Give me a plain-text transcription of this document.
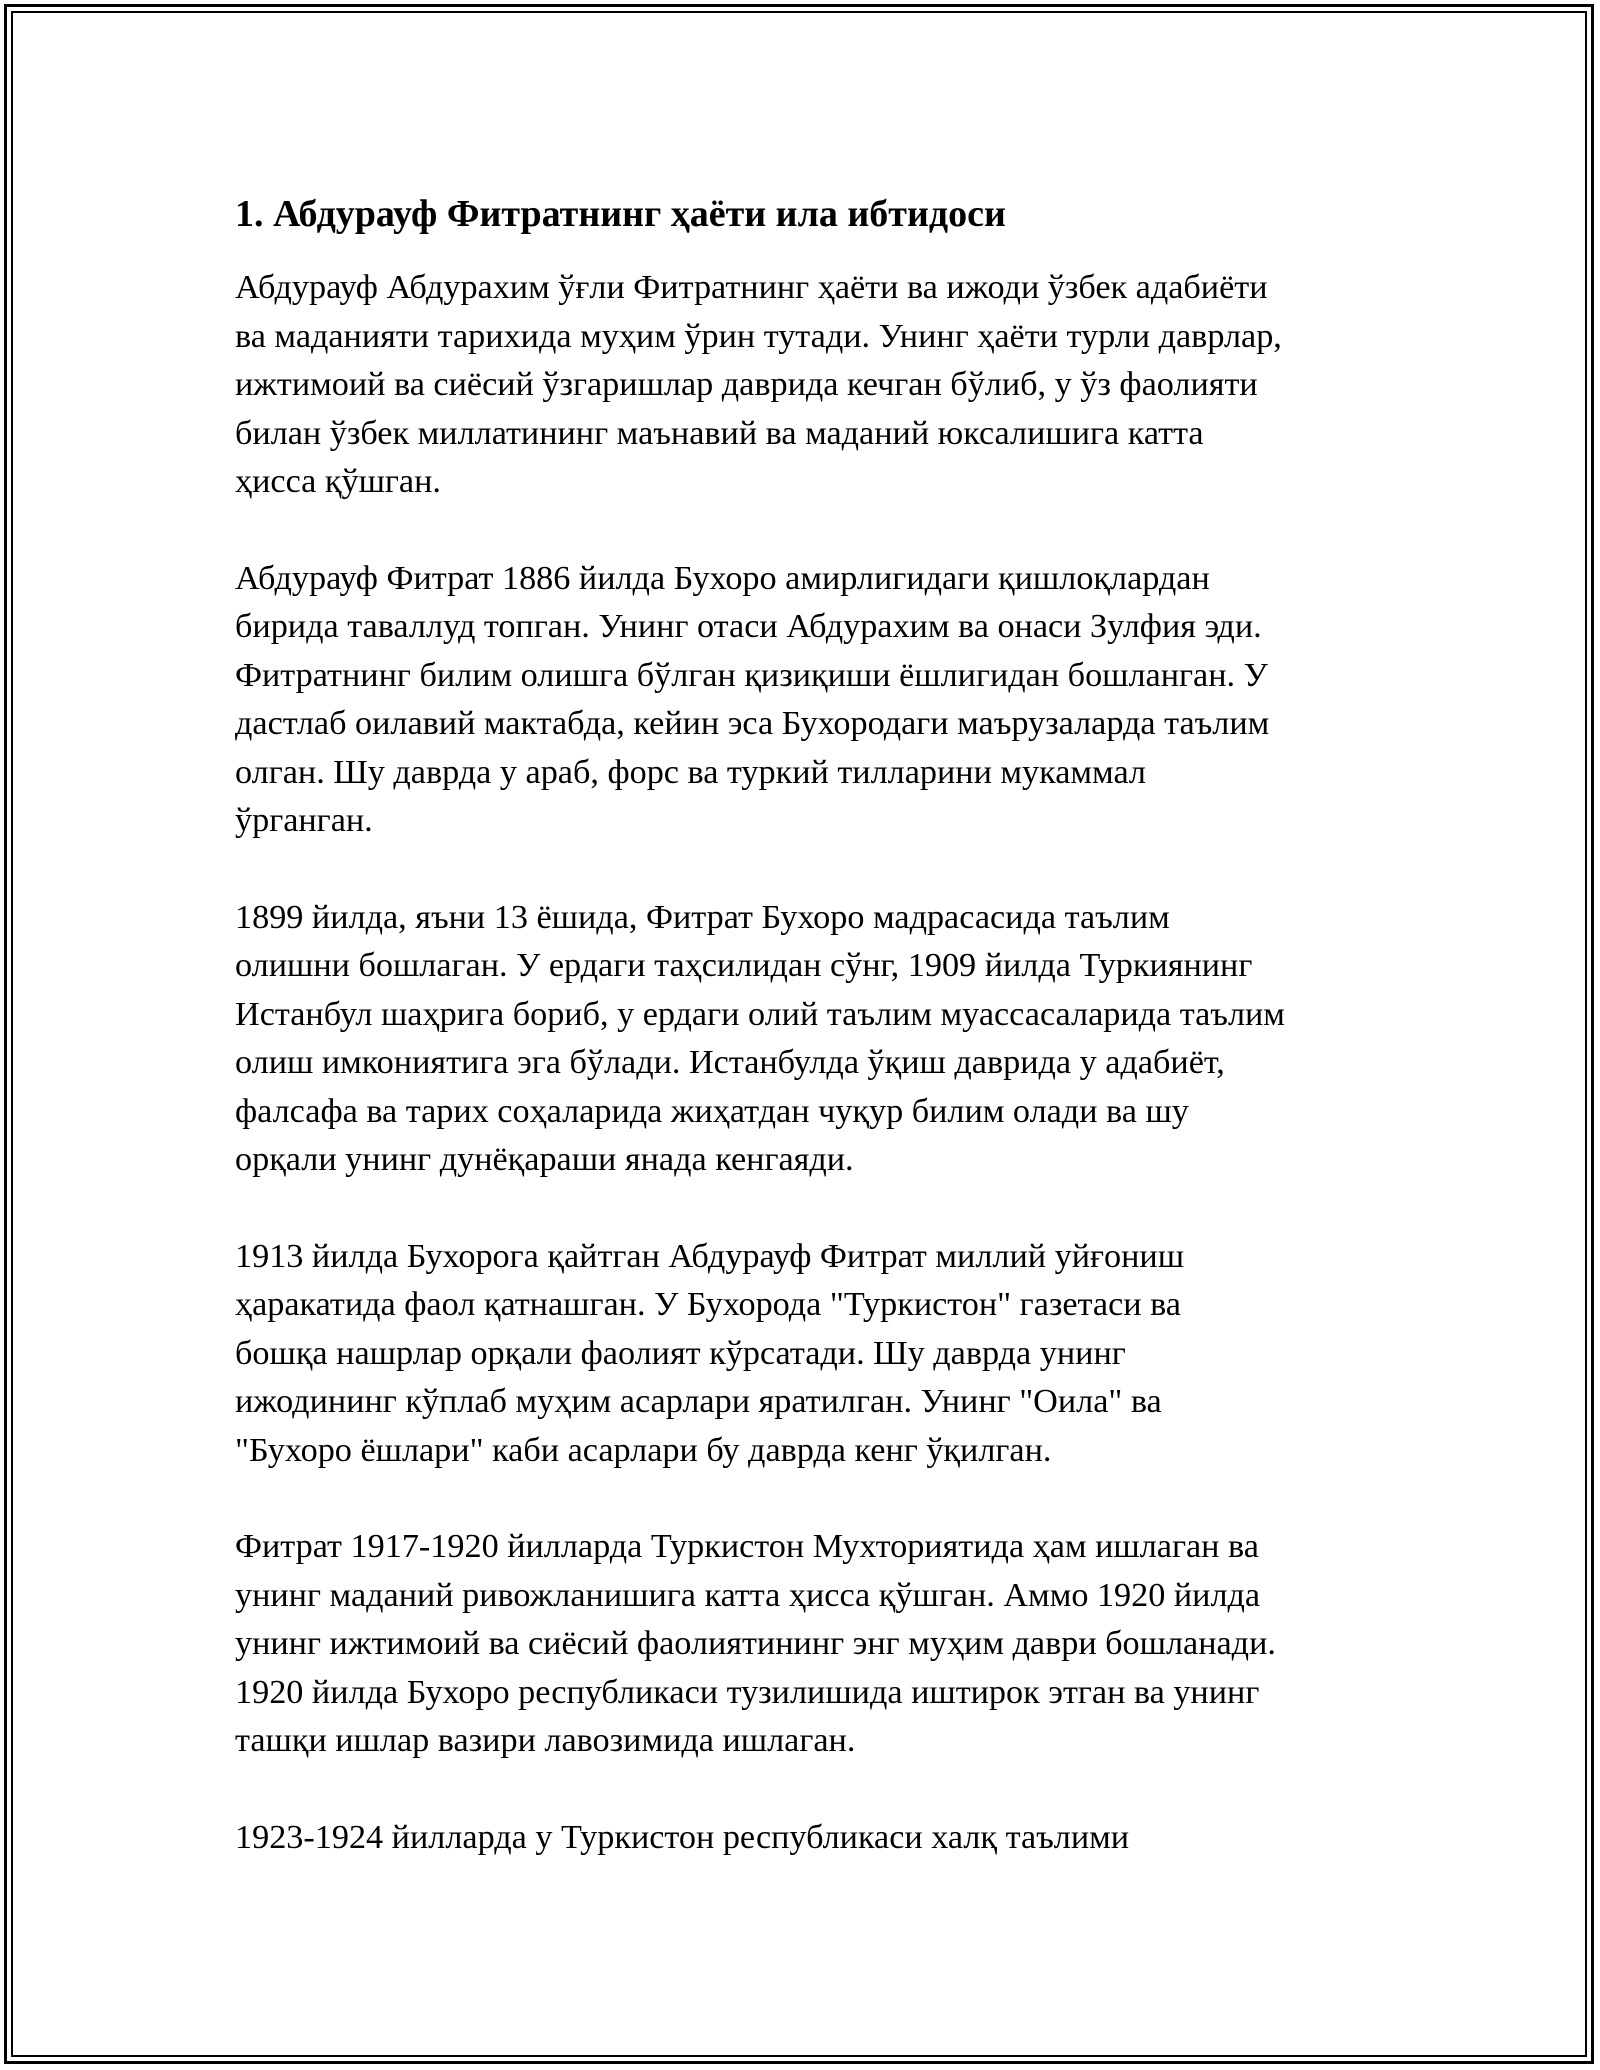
1. Абдурауф Фитратнинг ҳаёти ила ибтидоси
Абдурауф Абдурахим ўғли Фитратнинг ҳаёти ва ижоди ўзбек адабиёти
ва маданияти тарихида муҳим ўрин тутади. Унинг ҳаёти турли даврлар,
ижтимоий ва сиёсий ўзгаришлар даврида кечган бўлиб, у ўз фаолияти
билан ўзбек миллатининг маънавий ва маданий юксалишига катта
ҳисса қўшган.
Абдурауф Фитрат 1886 йилда Бухоро амирлигидаги қишлоқлардан
бирида таваллуд топган. Унинг отаси Абдурахим ва онаси Зулфия эди.
Фитратнинг билим олишга бўлган қизиқиши ёшлигидан бошланган. У
дастлаб оилавий мактабда, кейин эса Бухородаги маърузаларда таълим
олган. Шу даврда у араб, форс ва туркий тилларини мукаммал
ўрганган.
1899 йилда, яъни 13 ёшида, Фитрат Бухоро мадрасасида таълим
олишни бошлаган. У ердаги таҳсилидан сўнг, 1909 йилда Туркиянинг
Истанбул шаҳрига бориб, у ердаги олий таълим муассасаларида таълим
олиш имкониятига эга бўлади. Истанбулда ўқиш даврида у адабиёт,
фалсафа ва тарих соҳаларида жиҳатдан чуқур билим олади ва шу
орқали унинг дунёқараши янада кенгаяди.
1913 йилда Бухорога қайтган Абдурауф Фитрат миллий уйғониш
ҳаракатида фаол қатнашган. У Бухорода "Туркистон" газетаси ва
бошқа нашрлар орқали фаолият кўрсатади. Шу даврда унинг
ижодининг кўплаб муҳим асарлари яратилган. Унинг "Оила" ва
"Бухоро ёшлари" каби асарлари бу даврда кенг ўқилган.
Фитрат 1917-1920 йилларда Туркистон Мухториятида ҳам ишлаган ва
унинг маданий ривожланишига катта ҳисса қўшган. Аммо 1920 йилда
унинг ижтимоий ва сиёсий фаолиятининг энг муҳим даври бошланади.
1920 йилда Бухоро республикаси тузилишида иштирок этган ва унинг
ташқи ишлар вазири лавозимида ишлаган.
1923-1924 йилларда у Туркистон республикаси халқ таълими
